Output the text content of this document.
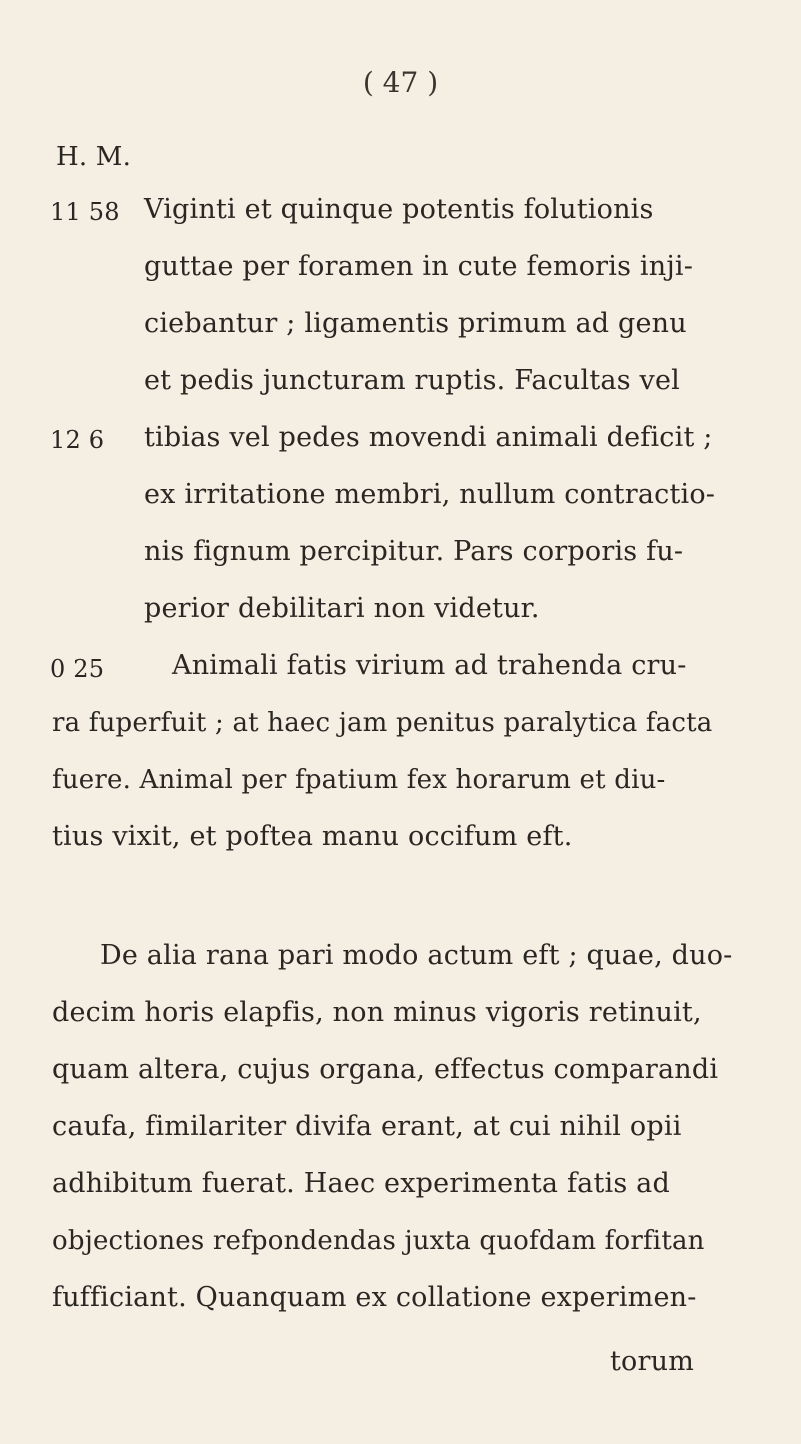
( 47 )
H. M.
11 58 Viginti et quinque potentis folutionis
guttae per foramen in cute femoris inji-
ciebantur ; ligamentis primum ad genu
et pedis juncturam ruptis. Facultas vel
12 6 tibias vel pedes movendi animali deficit ;
ex irritatione membri, nullum contractio-
nis fignum percipitur. Pars corporis fu-
perior debilitari non videtur.
0 25	Animali fatis virium ad trahenda cru-
ra fuperfuit ; at haec jam penitus paralytica facta
fuere. Animal per fpatium fex horarum et diu-
tius vixit, et poftea manu occifum eft.
De alia rana pari modo actum eft ; quae, duo-
decim horis elapfis, non minus vigoris retinuit,
quam altera, cujus organa, effectus comparandi
caufa, fimilariter divifa erant, at cui nihil opii
adhibitum fuerat. Haec experimenta fatis ad
objectiones refpondendas juxta quofdam forfitan
fufficiant. Quanquam ex collatione experimen-
torum
